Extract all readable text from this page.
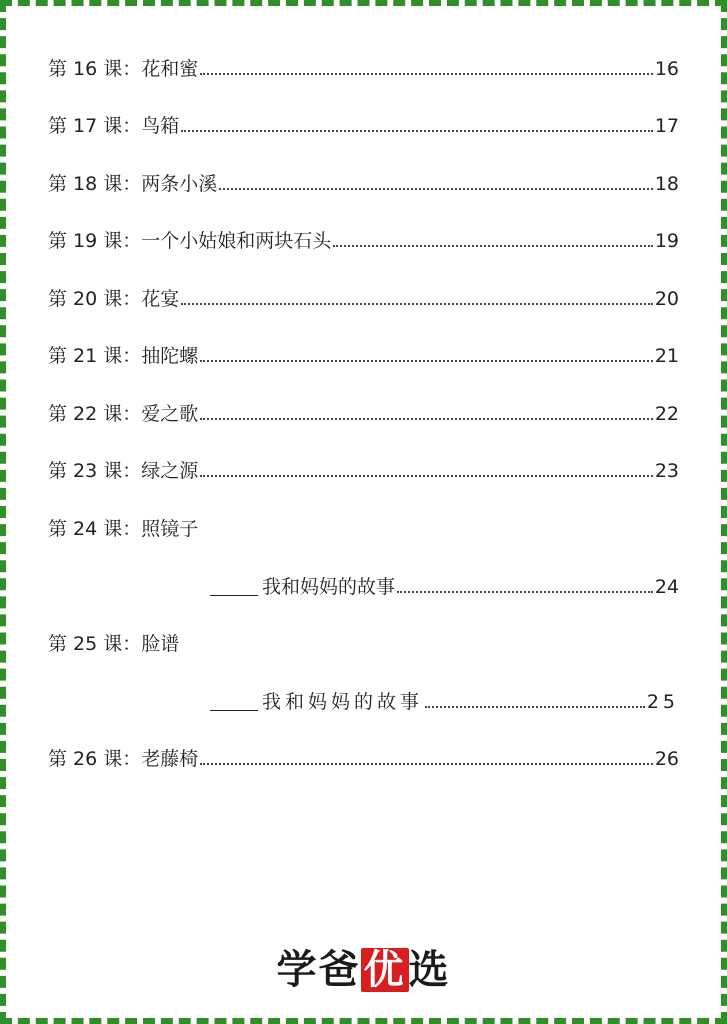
第 16 课：花和蜜	16
第 17 课：鸟箱	17
第 18 课：两条小溪	18
第 19 课：一个小姑娘和两块石头	19
第 20 课：花宴	20
第 21 课：抽陀螺	21
第 22 课：爱之歌	22
第 23 课：绿之源	23
第 24 课：照镜子
我和妈妈的故事	24
第 25 课：脸谱
我和妈妈的故事	25
第 26 课：老藤椅	26
学爸优选
